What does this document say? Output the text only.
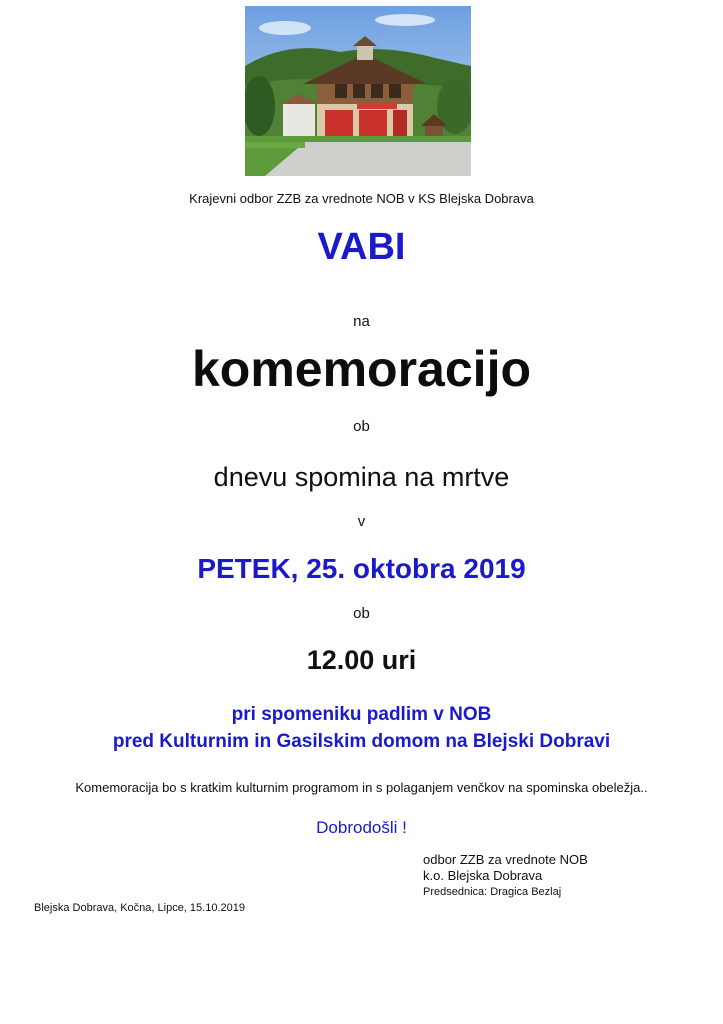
Krajevni odbor ZZB za vrednote NOB v KS Blejska Dobrava
VABI
na
komemoracijo
ob
dnevu spomina na mrtve
v
PETEK, 25. oktobra 2019
ob
12.00 uri
pri spomeniku padlim v NOB
pred Kulturnim in Gasilskim domom na Blejski Dobravi
Komemoracija bo s kratkim kulturnim programom in s polaganjem venčkov na spominska obeležja..
Dobrodošli !
odbor ZZB za vrednote NOB
k.o. Blejska Dobrava
Predsednica: Dragica Bezlaj
Blejska Dobrava, Kočna, Lipce, 15.10.2019
